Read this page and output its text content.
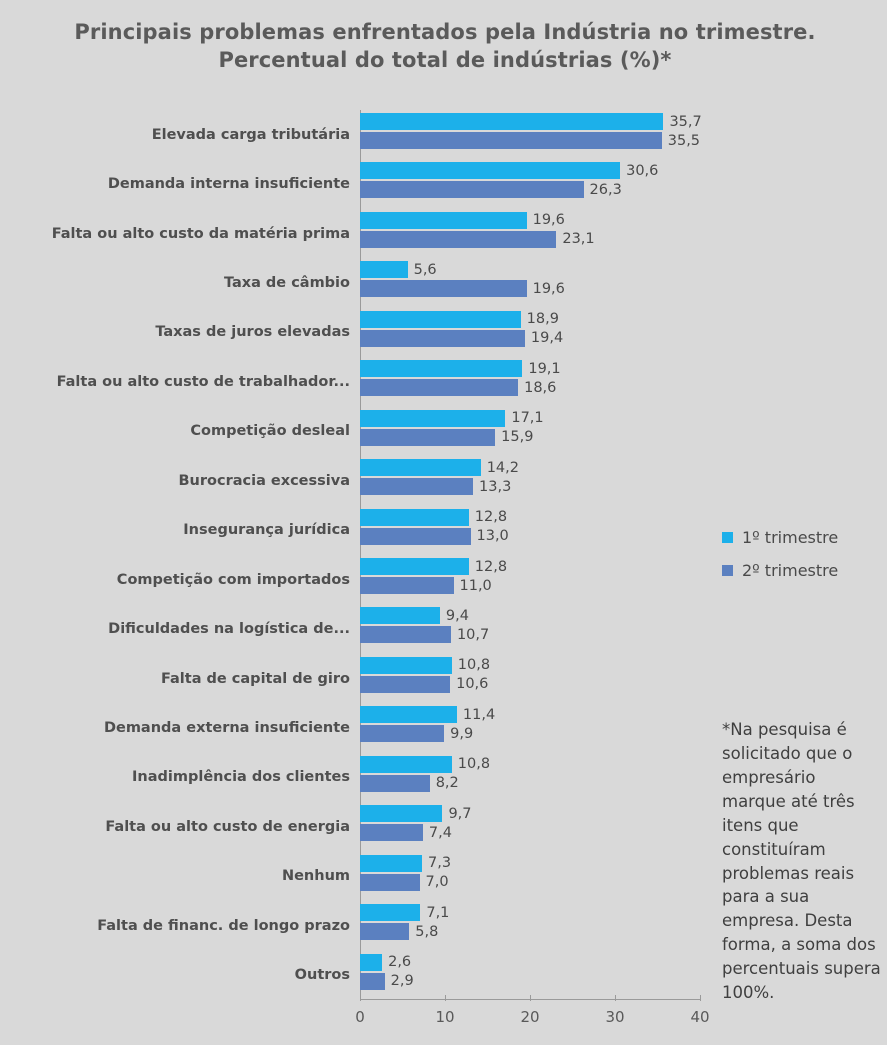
Principais problemas enfrentados pela Indústria no trimestre. Percentual do total de indústrias (%)*
0	10	20	30	40
Elevada carga tributária
35,7
35,5
Demanda interna insuficiente
30,6
26,3
Falta ou alto custo da matéria prima
19,6
23,1
Taxa de câmbio
5,6
19,6
Taxas de juros elevadas
18,9
19,4
Falta ou alto custo de trabalhador...
19,1
18,6
Competição desleal
17,1
15,9
Burocracia excessiva
14,2
13,3
Insegurança jurídica
12,8
13,0
Competição com importados
12,8
11,0
Dificuldades na logística de...
9,4
10,7
Falta de capital de giro
10,8
10,6
Demanda externa insuficiente
11,4
9,9
Inadimplência dos clientes
10,8
8,2
Falta ou alto custo de energia
9,7
7,4
Nenhum
7,3
7,0
Falta de financ. de longo prazo
7,1
5,8
Outros
2,6
2,9
1º trimestre
2º trimestre
*Na pesquisa é solicitado que o empresário marque até três itens que constituíram problemas reais para a sua empresa. Desta forma, a soma dos percentuais supera 100%.
